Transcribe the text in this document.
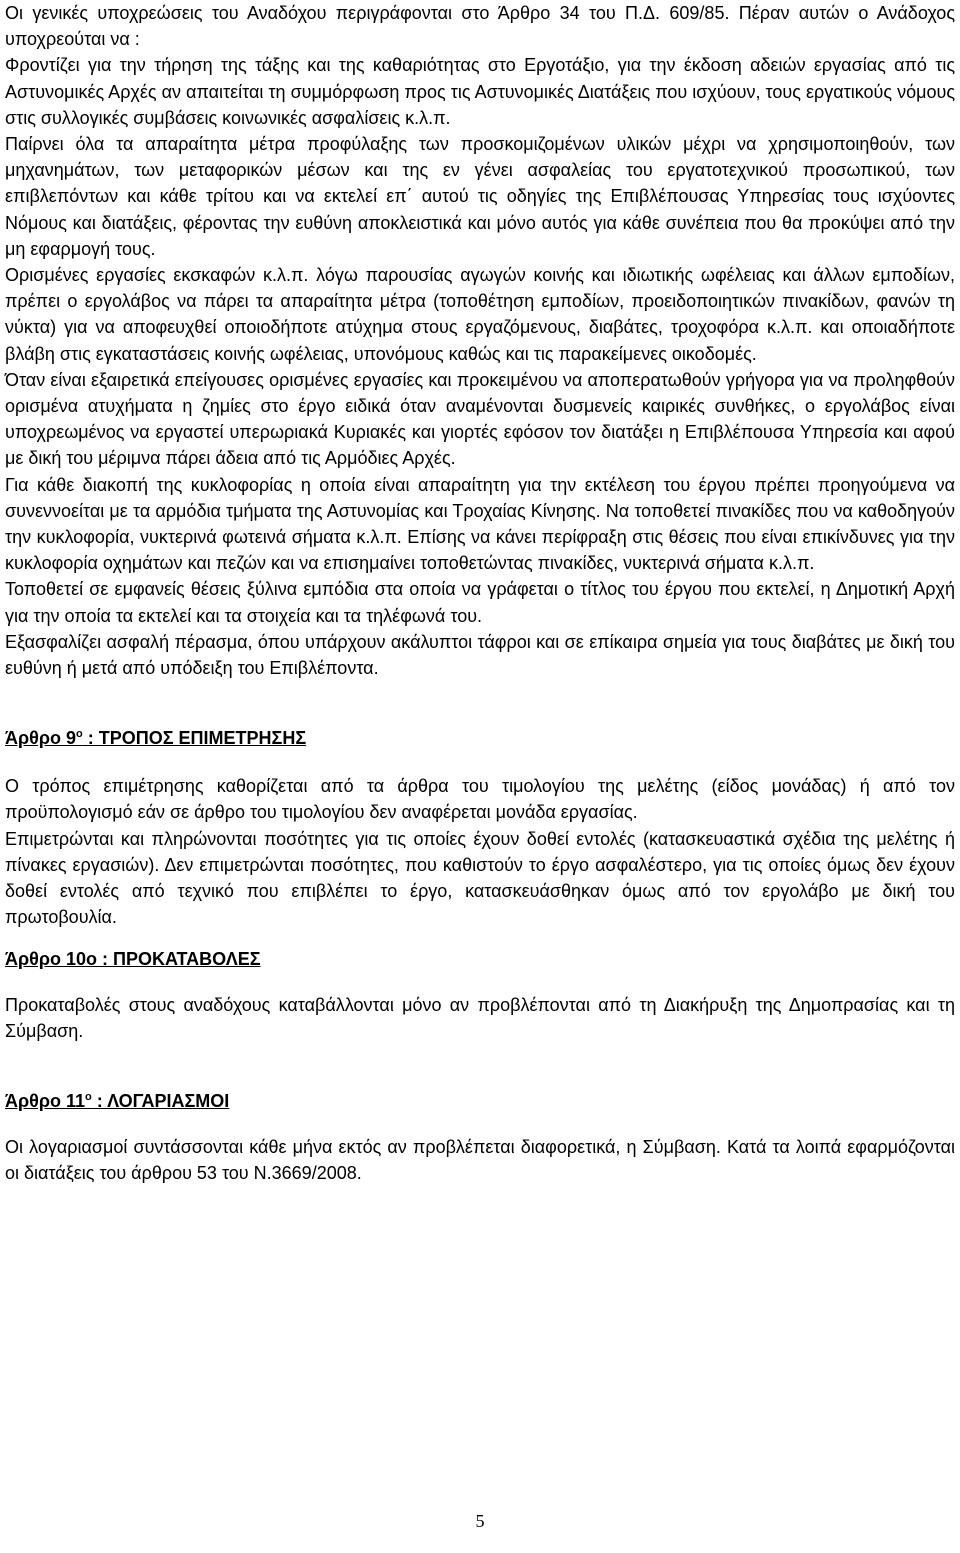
Οι γενικές υποχρεώσεις του Αναδόχου περιγράφονται στο Άρθρο 34 του Π.Δ. 609/85. Πέραν αυτών ο Ανάδοχος υποχρεούται να :

Φροντίζει για την τήρηση της τάξης και της καθαριότητας στο Εργοτάξιο, για την έκδοση αδειών εργασίας από τις Αστυνομικές Αρχές αν απαιτείται τη συμμόρφωση προς τις Αστυνομικές Διατάξεις που ισχύουν, τους εργατικούς νόμους στις συλλογικές συμβάσεις κοινωνικές ασφαλίσεις κ.λ.π.

Παίρνει όλα τα απαραίτητα μέτρα προφύλαξης των προσκομιζομένων υλικών μέχρι να χρησιμοποιηθούν, των μηχανημάτων, των μεταφορικών μέσων και της εν γένει ασφαλείας του εργατοτεχνικού προσωπικού, των επιβλεπόντων και κάθε τρίτου και να εκτελεί επ΄ αυτού τις οδηγίες της Επιβλέπουσας Υπηρεσίας τους ισχύοντες Νόμους και διατάξεις, φέροντας την ευθύνη αποκλειστικά και μόνο αυτός για κάθε συνέπεια που θα προκύψει από την μη εφαρμογή τους.

Ορισμένες εργασίες εκσκαφών κ.λ.π. λόγω παρουσίας αγωγών κοινής και ιδιωτικής ωφέλειας και άλλων εμποδίων, πρέπει ο εργολάβος να πάρει τα απαραίτητα μέτρα (τοποθέτηση εμποδίων, προειδοποιητικών πινακίδων, φανών τη νύκτα) για να αποφευχθεί οποιοδήποτε ατύχημα στους εργαζόμενους, διαβάτες, τροχοφόρα κ.λ.π. και οποιαδήποτε βλάβη στις εγκαταστάσεις κοινής ωφέλειας, υπονόμους καθώς και τις παρακείμενες οικοδομές.

Όταν είναι εξαιρετικά επείγουσες ορισμένες εργασίες και προκειμένου να αποπερατωθούν γρήγορα για να προληφθούν ορισμένα ατυχήματα η ζημίες στο έργο ειδικά όταν αναμένονται δυσμενείς καιρικές συνθήκες, ο εργολάβος είναι υποχρεωμένος να εργαστεί υπερωριακά Κυριακές και γιορτές εφόσον τον διατάξει η Επιβλέπουσα Υπηρεσία και αφού με δική του μέριμνα πάρει άδεια από τις Αρμόδιες Αρχές.

Για κάθε διακοπή της κυκλοφορίας η οποία είναι απαραίτητη για την εκτέλεση του έργου πρέπει προηγούμενα να συνεννοείται με τα αρμόδια τμήματα της Αστυνομίας και Τροχαίας Κίνησης. Να τοποθετεί πινακίδες που να καθοδηγούν την κυκλοφορία, νυκτερινά φωτεινά σήματα κ.λ.π. Επίσης να κάνει περίφραξη στις θέσεις που είναι επικίνδυνες για την κυκλοφορία οχημάτων και πεζών και να επισημαίνει τοποθετώντας πινακίδες, νυκτερινά σήματα κ.λ.π.

Τοποθετεί σε εμφανείς θέσεις ξύλινα εμπόδια στα οποία να γράφεται ο τίτλος του έργου που εκτελεί, η Δημοτική Αρχή για την οποία τα εκτελεί και τα στοιχεία και τα τηλέφωνά του.

Εξασφαλίζει ασφαλή πέρασμα, όπου υπάρχουν ακάλυπτοι τάφροι και σε επίκαιρα σημεία για τους διαβάτες με δική του ευθύνη ή μετά από υπόδειξη του Επιβλέποντα.

Άρθρο $9^o$ : ΤΡΟΠΟΣ ΕΠΙΜΕΤΡΗΣΗΣ

Ο τρόπος επιμέτρησης καθορίζεται από τα άρθρα του τιμολογίου της μελέτης (είδος μονάδας) ή από τον προϋπολογισμό εάν σε άρθρο του τιμολογίου δεν αναφέρεται μονάδα εργασίας.

Επιμετρώνται και πληρώνονται ποσότητες για τις οποίες έχουν δοθεί εντολές (κατασκευαστικά σχέδια της μελέτης ή πίνακες εργασιών). Δεν επιμετρώνται ποσότητες, που καθιστούν το έργο ασφαλέστερο, για τις οποίες όμως δεν έχουν δοθεί εντολές από τεχνικό που επιβλέπει το έργο, κατασκευάσθηκαν όμως από τον εργολάβο με δική του πρωτοβουλία.

Άρθρο 10ο : ΠΡΟΚΑΤΑΒΟΛΕΣ

Προκαταβολές στους αναδόχους καταβάλλονται μόνο αν προβλέπονται από τη Διακήρυξη της Δημοπρασίας και τη Σύμβαση.

Άρθρο $11^o$ : ΛΟΓΑΡΙΑΣΜΟΙ

Οι λογαριασμοί συντάσσονται κάθε μήνα εκτός αν προβλέπεται διαφορετικά, η Σύμβαση. Κατά τα λοιπά εφαρμόζονται οι διατάξεις του άρθρου 53 του Ν.3669/2008.

5
